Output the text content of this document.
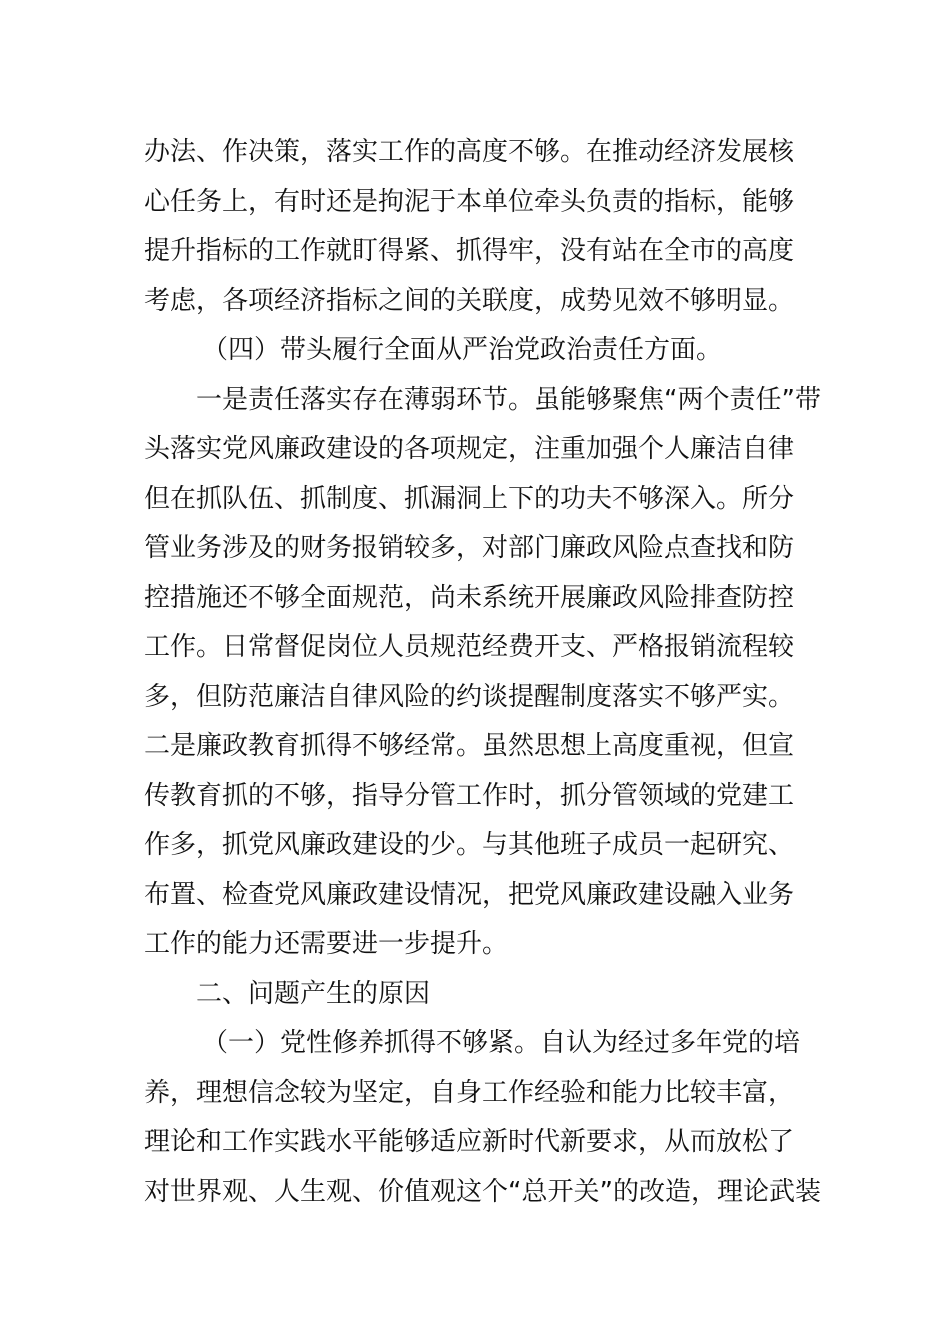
办法、作决策，落实工作的高度不够。在推动经济发展核
心任务上，有时还是拘泥于本单位牵头负责的指标，能够
提升指标的工作就盯得紧、抓得牢，没有站在全市的高度
考虑，各项经济指标之间的关联度，成势见效不够明显。
（四）带头履行全面从严治党政治责任方面。
一是责任落实存在薄弱环节。虽能够聚焦“两个责任”带
头落实党风廉政建设的各项规定，注重加强个人廉洁自律
但在抓队伍、抓制度、抓漏洞上下的功夫不够深入。所分
管业务涉及的财务报销较多，对部门廉政风险点查找和防
控措施还不够全面规范，尚未系统开展廉政风险排查防控
工作。日常督促岗位人员规范经费开支、严格报销流程较
多，但防范廉洁自律风险的约谈提醒制度落实不够严实。
二是廉政教育抓得不够经常。虽然思想上高度重视，但宣
传教育抓的不够，指导分管工作时，抓分管领域的党建工
作多，抓党风廉政建设的少。与其他班子成员一起研究、
布置、检查党风廉政建设情况，把党风廉政建设融入业务
工作的能力还需要进一步提升。
二、问题产生的原因
（一）党性修养抓得不够紧。自认为经过多年党的培
养，理想信念较为坚定，自身工作经验和能力比较丰富，
理论和工作实践水平能够适应新时代新要求，从而放松了
对世界观、人生观、价值观这个“总开关”的改造，理论武装
